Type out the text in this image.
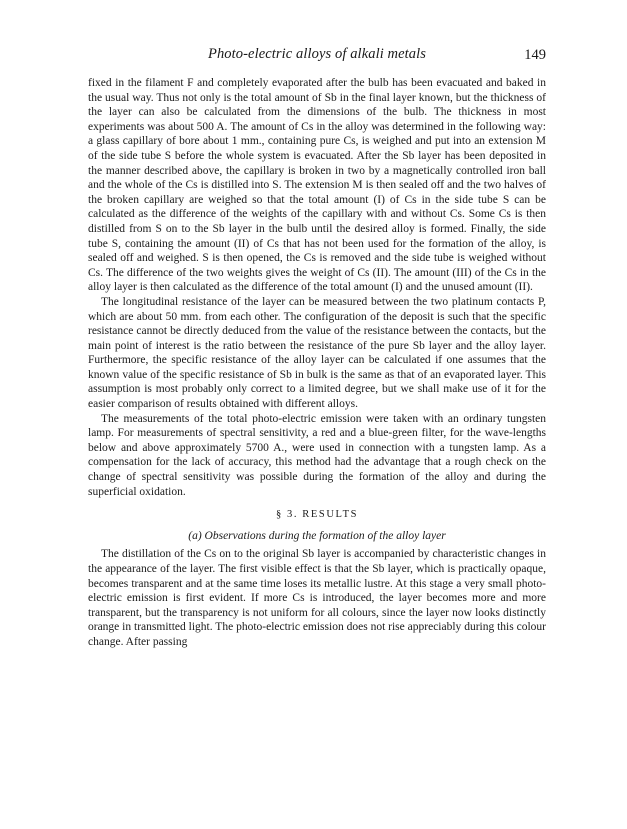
Photo-electric alloys of alkali metals	149

fixed in the filament F and completely evaporated after the bulb has been evacuated and baked in the usual way. Thus not only is the total amount of Sb in the final layer known, but the thickness of the layer can also be calculated from the dimensions of the bulb. The thickness in most experiments was about 500 A. The amount of Cs in the alloy was determined in the following way: a glass capillary of bore about 1 mm., containing pure Cs, is weighed and put into an extension M of the side tube S before the whole system is evacuated. After the Sb layer has been deposited in the manner described above, the capillary is broken in two by a magnetically controlled iron ball and the whole of the Cs is distilled into S. The extension M is then sealed off and the two halves of the broken capillary are weighed so that the total amount (I) of Cs in the side tube S can be calculated as the difference of the weights of the capillary with and without Cs. Some Cs is then distilled from S on to the Sb layer in the bulb until the desired alloy is formed. Finally, the side tube S, containing the amount (II) of Cs that has not been used for the formation of the alloy, is sealed off and weighed. S is then opened, the Cs is removed and the side tube is weighed without Cs. The difference of the two weights gives the weight of Cs (II). The amount (III) of the Cs in the alloy layer is then calculated as the difference of the total amount (I) and the unused amount (II).

The longitudinal resistance of the layer can be measured between the two platinum contacts P, which are about 50 mm. from each other. The configuration of the deposit is such that the specific resistance cannot be directly deduced from the value of the resistance between the contacts, but the main point of interest is the ratio between the resistance of the pure Sb layer and the alloy layer. Furthermore, the specific resistance of the alloy layer can be calculated if one assumes that the known value of the specific resistance of Sb in bulk is the same as that of an evaporated layer. This assumption is most probably only correct to a limited degree, but we shall make use of it for the easier comparison of results obtained with different alloys.

The measurements of the total photo-electric emission were taken with an ordinary tungsten lamp. For measurements of spectral sensitivity, a red and a blue-green filter, for the wave-lengths below and above approximately 5700 A., were used in connection with a tungsten lamp. As a compensation for the lack of accuracy, this method had the advantage that a rough check on the change of spectral sensitivity was possible during the formation of the alloy and during the superficial oxidation.

§ 3. RESULTS
(a) Observations during the formation of the alloy layer

The distillation of the Cs on to the original Sb layer is accompanied by characteristic changes in the appearance of the layer. The first visible effect is that the Sb layer, which is practically opaque, becomes transparent and at the same time loses its metallic lustre. At this stage a very small photo-electric emission is first evident. If more Cs is introduced, the layer becomes more and more transparent, but the transparency is not uniform for all colours, since the layer now looks distinctly orange in transmitted light. The photo-electric emission does not rise appreciably during this colour change. After passing
